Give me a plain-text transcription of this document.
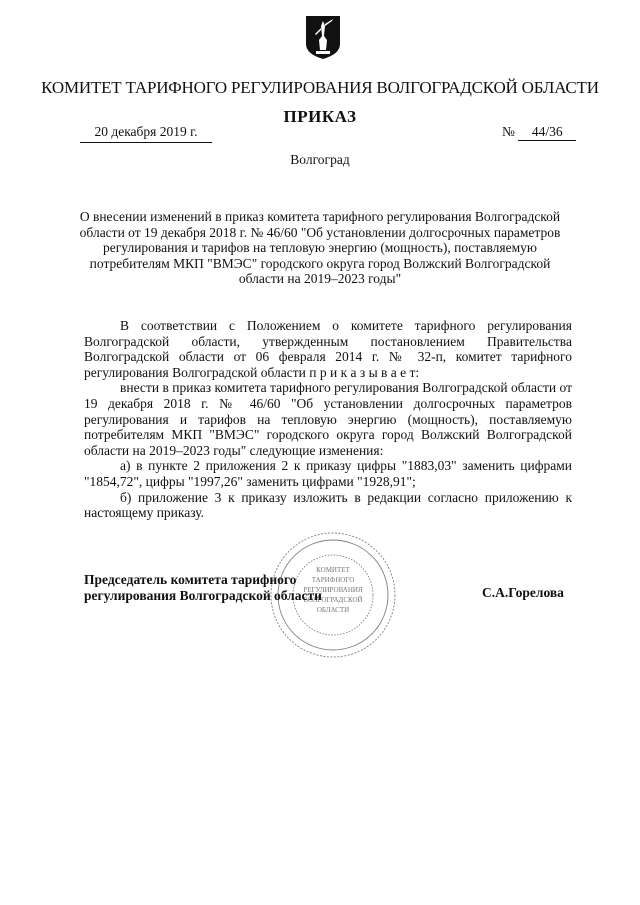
КОМИТЕТ ТАРИФНОГО РЕГУЛИРОВАНИЯ ВОЛГОГРАДСКОЙ ОБЛАСТИ
ПРИКАЗ
20 декабря 2019 г.	№ 44/36
Волгоград
О внесении изменений в приказ комитета тарифного регулирования Волгоградской
области от 19 декабря 2018 г. № 46/60 "Об установлении долгосрочных параметров
регулирования и тарифов на тепловую энергию (мощность), поставляемую
потребителям МКП "ВМЭС" городского округа город Волжский Волгоградской
области на 2019–2023 годы"

В соответствии с Положением о комитете тарифного регулирования Волгоградской области, утвержденным постановлением Правительства Волгоградской области от 06 февраля 2014 г. № 32-п, комитет тарифного регулирования Волгоградской области п р и к а з ы в а е т:

внести в приказ комитета тарифного регулирования Волгоградской области от 19 декабря 2018 г. № 46/60 "Об установлении долгосрочных параметров регулирования и тарифов на тепловую энергию (мощность), поставляемую потребителям МКП "ВМЭС" городского округа город Волжский Волгоградской области на 2019–2023 годы" следующие изменения:

а) в пункте 2 приложения 2 к приказу цифры "1883,03" заменить цифрами "1854,72", цифры "1997,26" заменить цифрами "1928,91";

б) приложение 3 к приказу изложить в редакции согласно приложению к настоящему приказу.

КОМИТЕТ
ТАРИФНОГО
РЕГУЛИРОВАНИЯ
ВОЛГОГРАДСКОЙ
ОБЛАСТИ
Председатель комитета тарифного
регулирования Волгоградской области	С.А.Горелова
